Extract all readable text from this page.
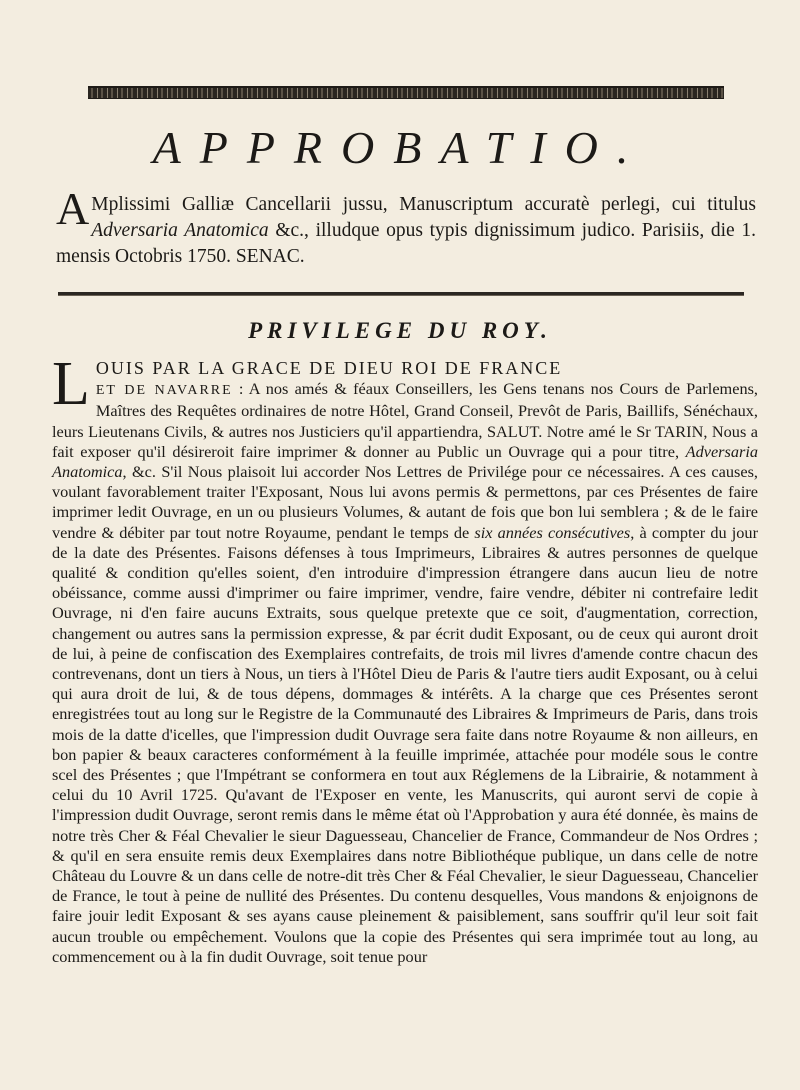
APPROBATIO.
A Mplissimi Galliæ Cancellarii jussu, Manuscriptum accuratè perlegi, cui titulus Adversaria Anatomica &c., illudque opus typis dignissimum judico. Parisiis, die 1. mensis Octobris 1750. SENAC.
PRIVILEGE DU ROY.

LOUIS PAR LA GRACE DE DIEU ROI DE FRANCE
ET DE NAVARRE : A nos amés & féaux Conseillers, les Gens tenans nos Cours de Parlemens, Maîtres des Requêtes ordinaires de notre Hôtel, Grand Conseil, Prevôt de Paris, Baillifs, Sénéchaux, leurs Lieutenans Civils, & autres nos Justiciers qu'il appartiendra, SALUT. Notre amé le Sr TARIN, Nous a fait exposer qu'il désireroit faire imprimer & donner au Public un Ouvrage qui a pour titre, Adversaria Anatomica, &c. S'il Nous plaisoit lui accorder Nos Lettres de Privilége pour ce nécessaires. A ces causes, voulant favorablement traiter l'Exposant, Nous lui avons permis & permettons, par ces Présentes de faire imprimer ledit Ouvrage, en un ou plusieurs Volumes, & autant de fois que bon lui semblera ; & de le faire vendre & débiter par tout notre Royaume, pendant le temps de six années consécutives, à compter du jour de la date des Présentes. Faisons défenses à tous Imprimeurs, Libraires & autres personnes de quelque qualité & condition qu'elles soient, d'en introduire d'impression étrangere dans aucun lieu de notre obéissance, comme aussi d'imprimer ou faire imprimer, vendre, faire vendre, débiter ni contrefaire ledit Ouvrage, ni d'en faire aucuns Extraits, sous quelque pretexte que ce soit, d'augmentation, correction, changement ou autres sans la permission expresse, & par écrit dudit Exposant, ou de ceux qui auront droit de lui, à peine de confiscation des Exemplaires contrefaits, de trois mil livres d'amende contre chacun des contrevenans, dont un tiers à Nous, un tiers à l'Hôtel Dieu de Paris & l'autre tiers audit Exposant, ou à celui qui aura droit de lui, & de tous dépens, dommages & intérêts. A la charge que ces Présentes seront enregistrées tout au long sur le Registre de la Communauté des Libraires & Imprimeurs de Paris, dans trois mois de la datte d'icelles, que l'impression dudit Ouvrage sera faite dans notre Royaume & non ailleurs, en bon papier & beaux caracteres conformément à la feuille imprimée, attachée pour modéle sous le contre scel des Présentes ; que l'Impétrant se conformera en tout aux Réglemens de la Librairie, & notamment à celui du 10 Avril 1725. Qu'avant de l'Exposer en vente, les Manuscrits, qui auront servi de copie à l'impression dudit Ouvrage, seront remis dans le même état où l'Approbation y aura été donnée, ès mains de notre très Cher & Féal Chevalier le sieur Daguesseau, Chancelier de France, Commandeur de Nos Ordres ; & qu'il en sera ensuite remis deux Exemplaires dans notre Bibliothéque publique, un dans celle de notre Château du Louvre & un dans celle de notre-dit très Cher & Féal Chevalier, le sieur Daguesseau, Chancelier de France, le tout à peine de nullité des Présentes. Du contenu desquelles, Vous mandons & enjoignons de faire jouir ledit Exposant & ses ayans cause pleinement & paisiblement, sans souffrir qu'il leur soit fait aucun trouble ou empêchement. Voulons que la copie des Présentes qui sera imprimée tout au long, au commencement ou à la fin dudit Ouvrage, soit tenue pour
